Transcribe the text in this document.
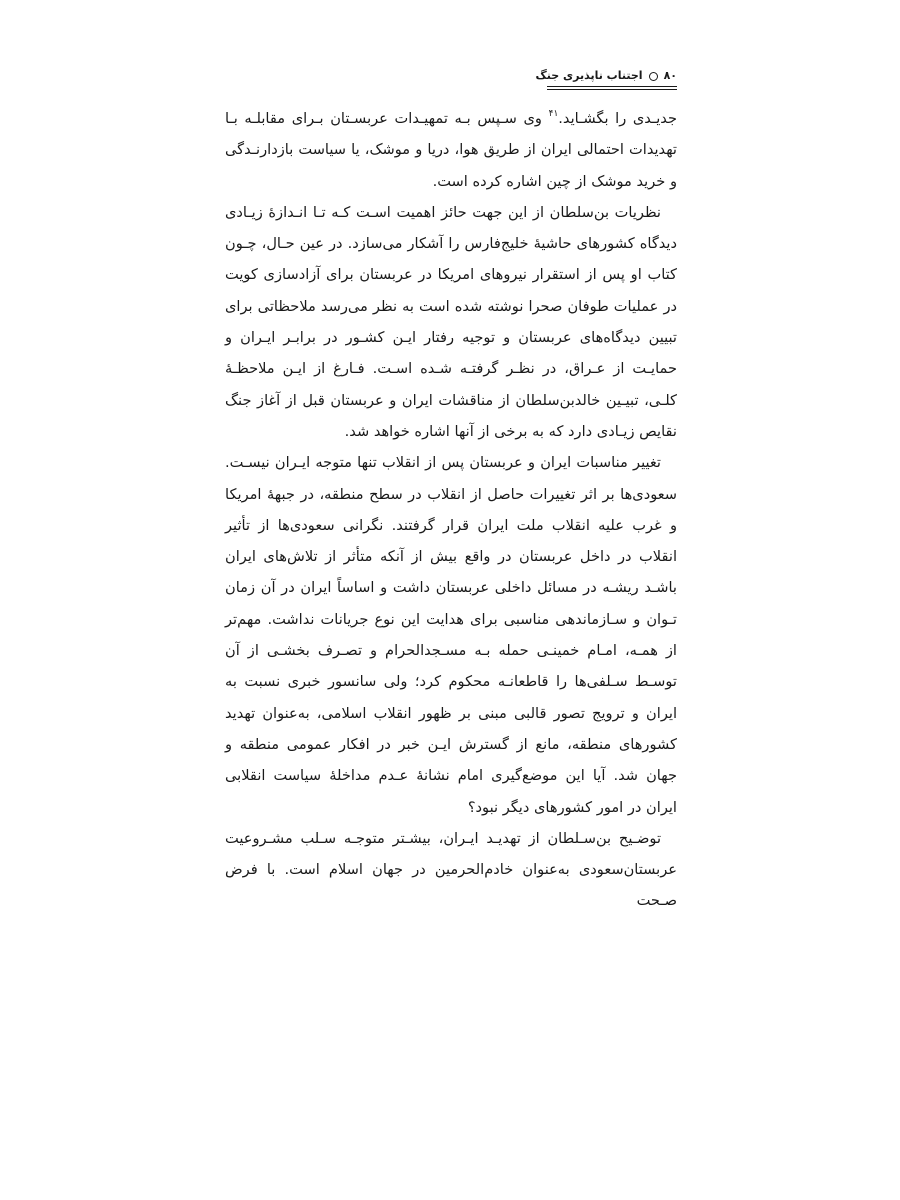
۸۰
اجتناب ناپذیری جنگ

جدیـدی را بگشـاید.$^{۴۱}$ وی سـپس بـه تمهیـدات عربسـتان بـرای مقابلـه بـا تهدیدات احتمالی ایران از طریق هوا، دریا و موشک، یا سیاست بازدارنـدگی و خرید موشک از چین اشاره کرده است.

نظریات بن‌سلطان از این جهت حائز اهمیت اسـت کـه تـا انـدازۀ زیـادی دیدگاه کشورهای حاشیۀ خلیج‌فارس را آشکار می‌سازد. در عین حـال، چـون کتاب او پس از استقرار نیروهای امریکا در عربستان برای آزادسازی کویت در عملیات طوفان صحرا نوشته شده است به نظر می‌رسد ملاحظاتی برای تبیین دیدگاه‌های عربستان و توجیه رفتار ایـن کشـور در برابـر ایـران و حمایـت از عـراق، در نظـر گرفتـه شـده اسـت. فـارغ از ایـن ملاحظـۀ کلـی، تبیـین خالدبن‌سلطان از مناقشات ایران و عربستان قبل از آغاز جنگ نقایص زیـادی دارد که به برخی از آنها اشاره خواهد شد.

تغییر مناسبات ایران و عربستان پس از انقلاب تنها متوجه ایـران نیسـت. سعودی‌ها بر اثر تغییرات حاصل از انقلاب در سطح منطقه، در جبهۀ امریکا و غرب علیه انقلاب ملت ایران قرار گرفتند. نگرانی سعودی‌ها از تأثیر انقلاب در داخل عربستان در واقع بیش از آنکه متأثر از تلاش‌های ایران باشـد ریشـه در مسائل داخلی عربستان داشت و اساساً ایران در آن زمان تـوان و سـازماندهی مناسبی برای هدایت این نوع جریانات نداشت. مهم‌تر از همـه، امـام خمینـی حمله بـه مسـجدالحرام و تصـرف بخشـی از آن توسـط سـلفی‌ها را قاطعانـه محکوم کرد؛ ولی سانسور خبری نسبت به ایران و ترویج تصور قالبی مبنی بر ظهور انقلاب اسلامی، به‌عنوان تهدید کشورهای منطقه، مانع از گسترش ایـن خبر در افکار عمومی منطقه و جهان شد. آیا این موضع‌گیری امام نشانۀ عـدم مداخلۀ سیاست انقلابی ایران در امور کشورهای دیگر نبود؟

توضـیح بن‌سـلطان از تهدیـد ایـران، بیشـتر متوجـه سـلب مشـروعیت عربستان‌سعودی به‌عنوان خادم‌الحرمین در جهان اسلام است. با فرض صـحت
